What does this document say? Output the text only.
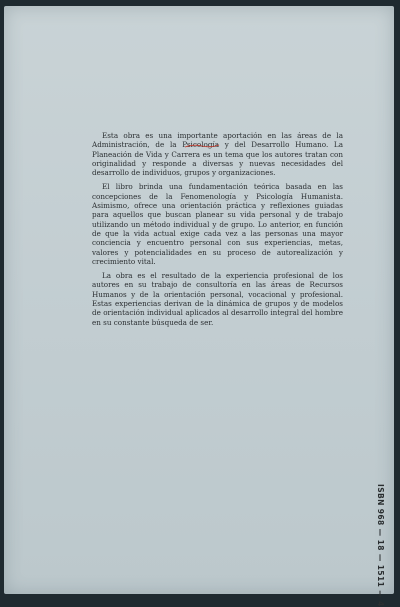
Esta obra es una importante aportación en las áreas de la Administración, de la Psicología y del Desarrollo Humano. La Planeación de Vida y Carrera es un tema que los autores tratan con originalidad y responde a diversas y nuevas necesidades del desarrollo de individuos, grupos y organizaciones.

El libro brinda una fundamentación teórica basada en las concepciones de la Fenomenología y Psicología Humanista. Asimismo, ofrece una orientación práctica y reflexiones guiadas para aquellos que buscan planear su vida personal y de trabajo utilizando un método individual y de grupo. Lo anterior, en función de que la vida actual exige cada vez a las personas una mayor conciencia y encuentro personal con sus experiencias, metas, valores y potencialidades en su proceso de autorealización y crecimiento vital.

La obra es el resultado de la experiencia profesional de los autores en su trabajo de consultoría en las áreas de Recursos Humanos y de la orientación personal, vocacional y profesional. Estas experiencias derivan de la dinámica de grupos y de modelos de orientación individual aplicados al desarrollo integral del hombre en su constante búsqueda de ser.

ISBN 968 — 18 — 1511 — 4
